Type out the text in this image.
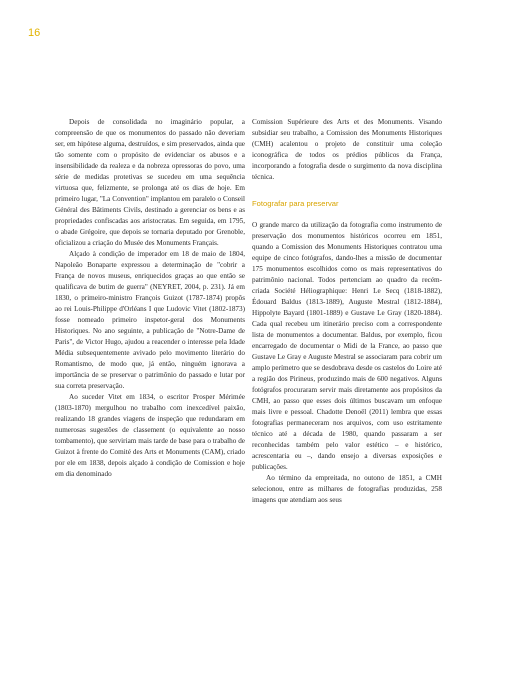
16

Depois de consolidada no imaginário popular, a compreensão de que os monumentos do passado não deveriam ser, em hipótese alguma, destruídos, e sim preservados, ainda que tão somente com o propósito de evidenciar os abusos e a insensibilidade da realeza e da nobreza opressoras do povo, uma série de medidas protetivas se sucedeu em uma sequência virtuosa que, felizmente, se prolonga até os dias de hoje. Em primeiro lugar, "La Convention" implantou em paralelo o Conseil Général des Bâtiments Civils, destinado a gerenciar os bens e as propriedades confiscadas aos aristocratas. Em seguida, em 1795, o abade Grégoire, que depois se tornaria deputado por Grenoble, oficializou a criação do Musée des Monuments Français.

Alçado à condição de imperador em 18 de maio de 1804, Napoleão Bonaparte expressou a determinação de "cobrir a França de novos museus, enriquecidos graças ao que então se qualificava de butim de guerra" (NEYRET, 2004, p. 231). Já em 1830, o primeiro-ministro François Guizot (1787-1874) propôs ao rei Louis-Philippe d'Orléans I que Ludovic Vitet (1802-1873) fosse nomeado primeiro inspetor-geral dos Monuments Historiques. No ano seguinte, a publicação de "Notre-Dame de Paris", de Victor Hugo, ajudou a reacender o interesse pela Idade Média subsequentemente avivado pelo movimento literário do Romantismo, de modo que, já então, ninguém ignorava a importância de se preservar o patrimônio do passado e lutar por sua correta preservação.

Ao suceder Vitet em 1834, o escritor Prosper Mérimée (1803-1870) mergulhou no trabalho com inexcedível paixão, realizando 18 grandes viagens de inspeção que redundaram em numerosas sugestões de classement (o equivalente ao nosso tombamento), que serviriam mais tarde de base para o trabalho de Guizot à frente do Comité des Arts et Monuments (CAM), criado por ele em 1838, depois alçado à condição de Comission e hoje em dia denominado

Comission Supérieure des Arts et des Monuments. Visando subsidiar seu trabalho, a Comission des Monuments Historiques (CMH) acalentou o projeto de constituir uma coleção iconográfica de todos os prédios públicos da França, incorporando a fotografia desde o surgimento da nova disciplina técnica.

Fotografar para preservar

O grande marco da utilização da fotografia como instrumento de preservação dos monumentos históricos ocorreu em 1851, quando a Comission des Monuments Historiques contratou uma equipe de cinco fotógrafos, dando-lhes a missão de documentar 175 monumentos escolhidos como os mais representativos do patrimônio nacional. Todos pertenciam ao quadro da recém-criada Société Héliographique: Henri Le Secq (1818-1882), Édouard Baldus (1813-1889), Auguste Mestral (1812-1884), Hippolyte Bayard (1801-1889) e Gustave Le Gray (1820-1884). Cada qual recebeu um itinerário preciso com a correspondente lista de monumentos a documentar. Baldus, por exemplo, ficou encarregado de documentar o Midi de la France, ao passo que Gustave Le Gray e Auguste Mestral se associaram para cobrir um amplo perímetro que se desdobrava desde os castelos do Loire até a região dos Pirineus, produzindo mais de 600 negativos. Alguns fotógrafos procuraram servir mais diretamente aos propósitos da CMH, ao passo que esses dois últimos buscavam um enfoque mais livre e pessoal. Chadotte Denoël (2011) lembra que essas fotografias permaneceram nos arquivos, com uso estritamente técnico até a década de 1980, quando passaram a ser reconhecidas também pelo valor estético – e histórico, acrescentaria eu –, dando ensejo a diversas exposições e publicações.

Ao término da empreitada, no outono de 1851, a CMH selecionou, entre as milhares de fotografias produzidas, 258 imagens que atendiam aos seus
